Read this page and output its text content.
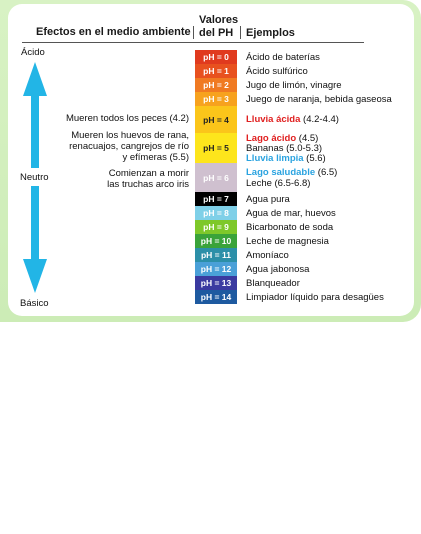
Efectos en el medio ambiente
Valores
del PH Ejemplos
Ácido
Neutro
Básico
Mueren todos los peces (4.2)
Mueren los huevos de rana,
renacuajos, cangrejos de río
y efímeras (5.5)
Comienzan a morir
las truchas arco iris
pH = 0 Ácido de baterías
pH = 1 Ácido sulfúrico
pH = 2 Jugo de limón, vinagre
pH = 3 Juego de naranja, bebida gaseosa
pH = 4 Lluvia ácida (4.2-4.4)
pH = 5
Lago ácido (4.5)
Bananas (5.0-5.3)
Lluvia limpia (5.6)
pH = 6 Lago saludable (6.5)
Leche (6.5-6.8)
pH = 7 Agua pura
pH = 8 Agua de mar, huevos
pH = 9 Bicarbonato de soda
pH = 10 Leche de magnesia
pH = 11 Amoníaco
pH = 12 Agua jabonosa
pH = 13 Blanqueador
pH = 14 Limpiador líquido para desagües
